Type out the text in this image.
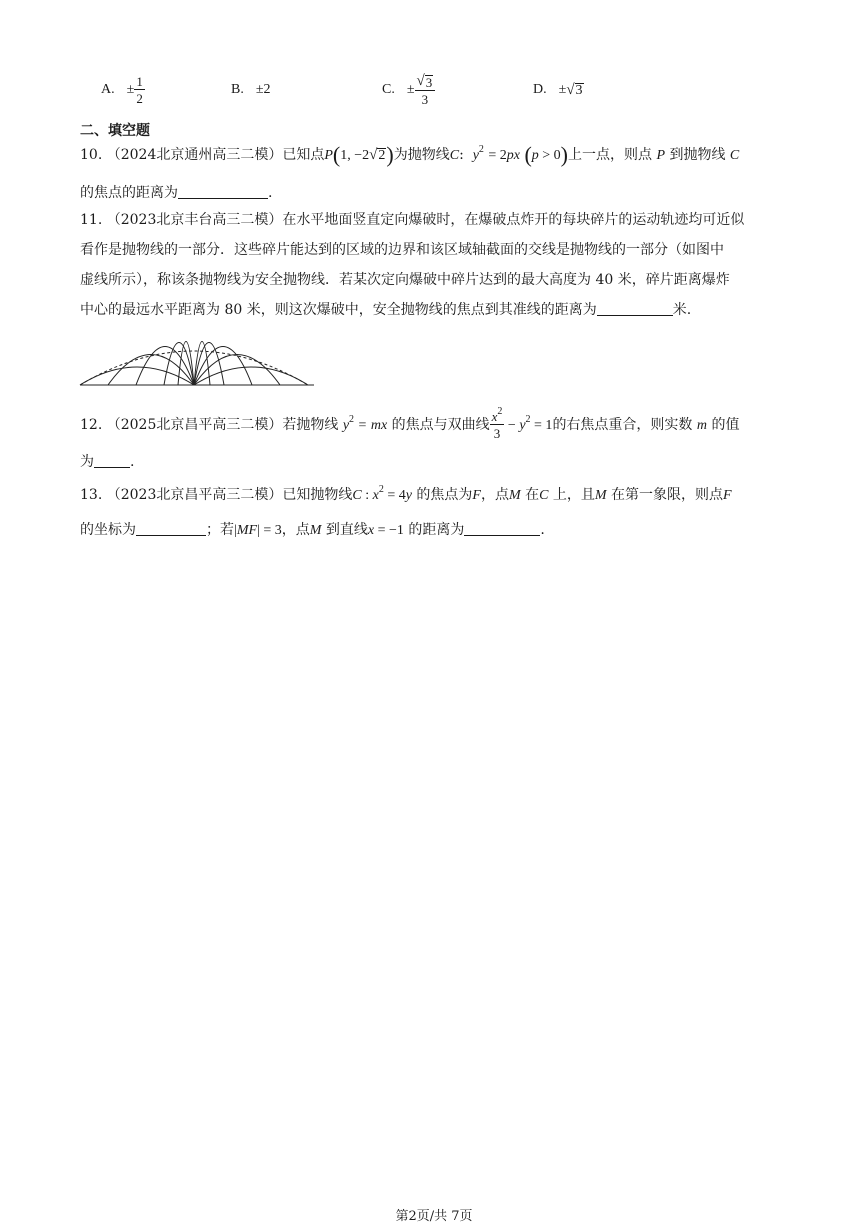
A. ± $\frac{1}{2}$	B. ±2	C. ± $\frac{√ 3}{3}$	D. ± √ 3
二、填空题
10. （2024北京通州高三二模）已知点P(1, −2 √ 2 )为抛物线C:  $y^2 = 2px$ (p > 0)上一点，则点 P 到抛物线 C
的焦点的距离为	.
11. （2023北京丰台高三二模）在水平地面竖直定向爆破时，在爆破点炸开的每块碎片的运动轨迹均可近似
看作是抛物线的一部分．这些碎片能达到的区域的边界和该区域轴截面的交线是抛物线的一部分（如图中
虚线所示），称该条抛物线为安全抛物线．若某次定向爆破中碎片达到的最大高度为 40 米，碎片距离爆炸
中心的最远水平距离为 80 米，则这次爆破中，安全抛物线的焦点到其准线的距离为	米.
12. （2025北京昌平高三二模）若抛物线 $y^2$ = mx 的焦点与双曲线 $\frac{x^2}{3} - y^2 = 1$的右焦点重合，则实数 m 的值
为	.
13. （2023北京昌平高三二模）已知抛物线C : $x^2 = 4y$ 的焦点为F，点M 在C 上，且M 在第一象限，则点F
的坐标为	；若|MF| = 3，点M 到直线x = −1 的距离为	.
第2页/共 7页
